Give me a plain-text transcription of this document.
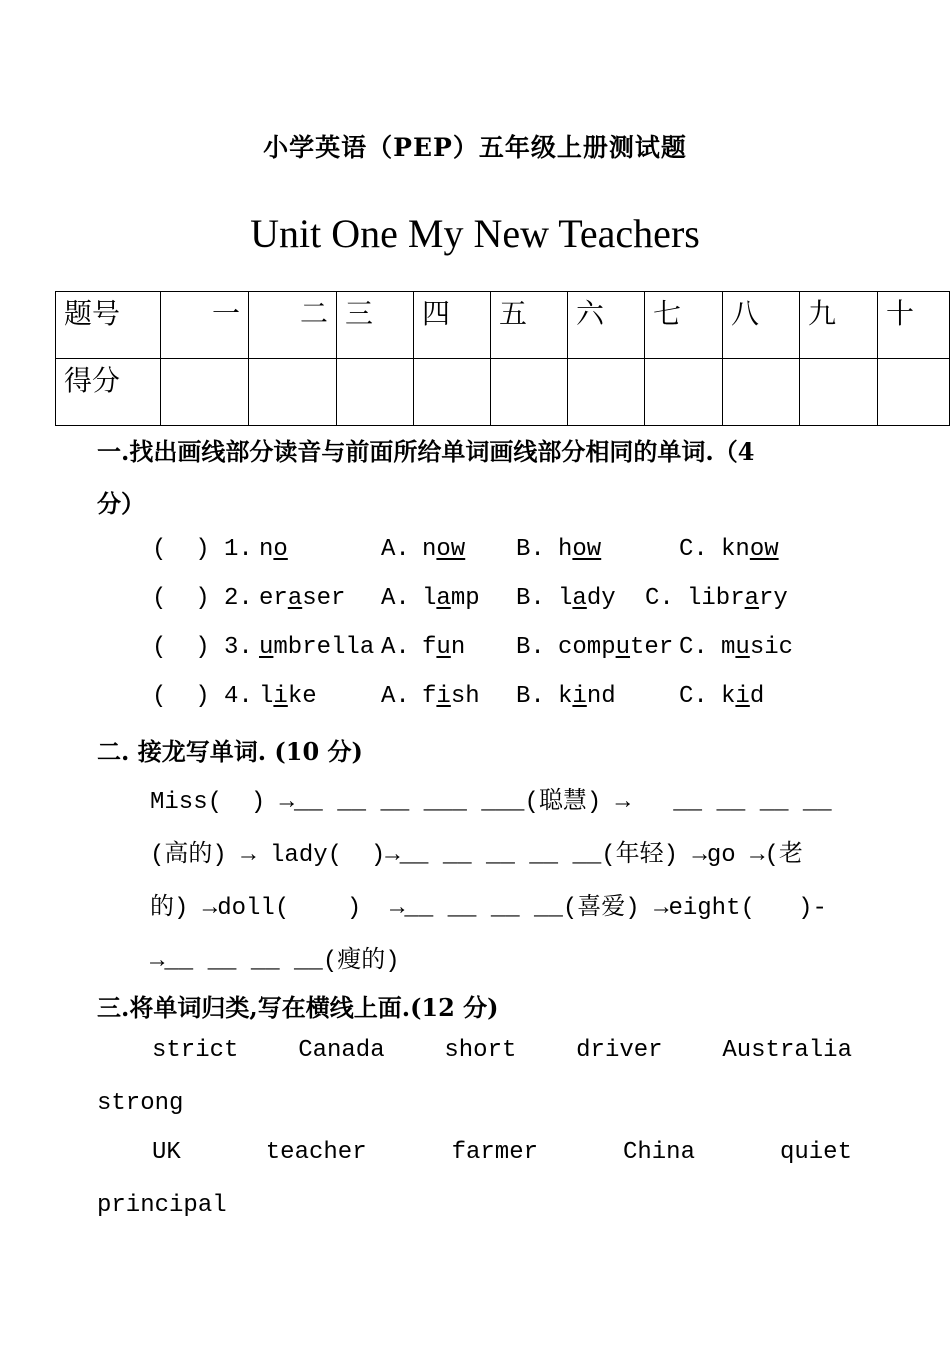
小学英语（PEP）五年级上册测试题
Unit One My New Teachers
题号	一	二	三	四	五	六	七	八	九	十
得分										
一.找出画线部分读音与前面所给单词画线部分相同的单词.（4
分）
(  ) 1. no	A. now B. how	C. know
(  ) 2. eraser A. lamp B. lady C. library
(  ) 3. umbrella A. fun B. computer C. music
(  ) 4. like	A. fish B. kind	C. kid
二. 接龙写单词. (10 分)
Miss(  ) →__ __ __ ___ ___(聪慧) →   __ __ __ __
(高的) → lady(  )→__ __ __ __ __(年轻) →go →(老
的) →doll(    )  →__ __ __ __(喜爱) →eight(   )-
→__ __ __ __(瘦的)
三.将单词归类,写在横线上面.(12 分)
strict Canada short driver Australia
strong
UK	teacher	farmer	China	quiet
principal
